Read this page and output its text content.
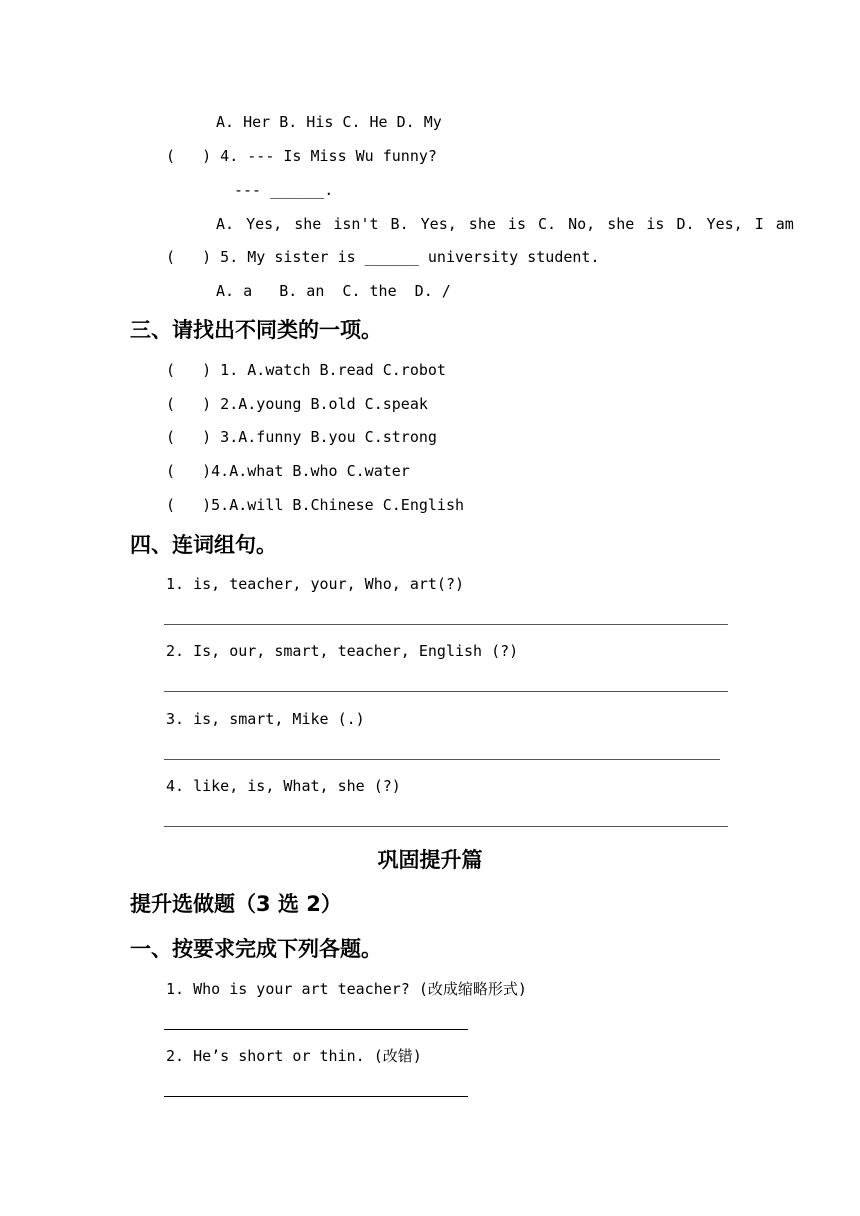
A. Her B. His C. He D. My
(   ) 4. --- Is Miss Wu funny?
--- ______.
A. Yes, she isn't B. Yes, she is C. No, she is D. Yes, I am
(   ) 5. My sister is ______ university student.
A. a   B. an  C. the  D. /
三、请找出不同类的一项。
(   ) 1. A.watch B.read C.robot
(   ) 2.A.young B.old C.speak
(   ) 3.A.funny B.you C.strong
(   )4.A.what B.who C.water
(   )5.A.will B.Chinese C.English
四、连词组句。
1. is, teacher, your, Who, art(?)
2. Is, our, smart, teacher, English (?)
3. is, smart, Mike (.)
4. like, is, What, she (?)
巩固提升篇
提升选做题（3 选 2）
一、按要求完成下列各题。
1. Who is your art teacher? (改成缩略形式)
2. He’s short or thin. (改错)
